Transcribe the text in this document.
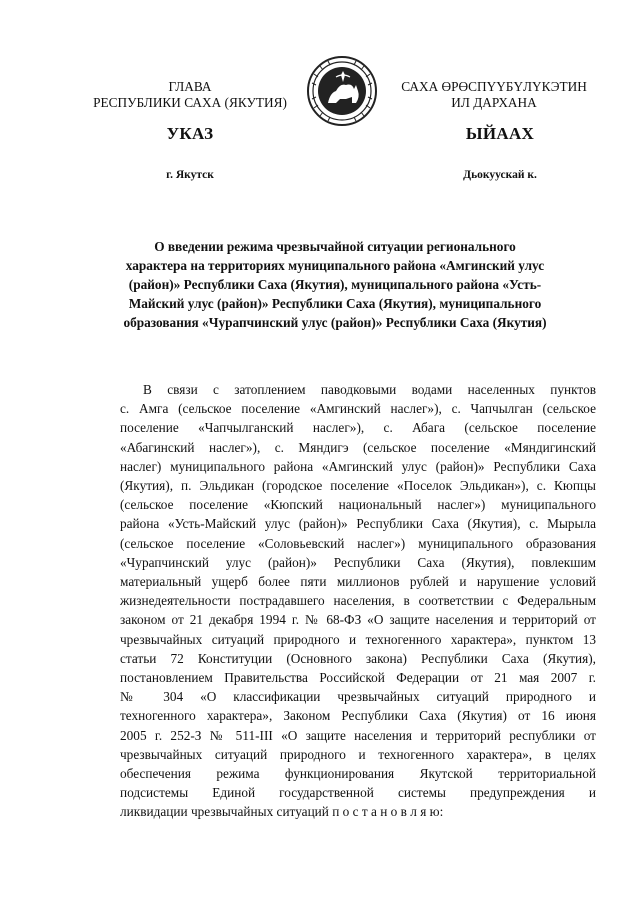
ГЛАВА
РЕСПУБЛИКИ САХА (ЯКУТИЯ)
САХА ӨРӨСПҮҮБҮЛҮКЭТИН
ИЛ ДАРХАНА
УКАЗ	ЫЙААХ
г. Якутск	Дьокуускай к.
О введении режима чрезвычайной ситуации регионального
характера на территориях муниципального района «Амгинский улус
(район)» Республики Саха (Якутия), муниципального района «Усть-
Майский улус (район)» Республики Саха (Якутия), муниципального
образования «Чурапчинский улус (район)» Республики Саха (Якутия)
В связи с затоплением паводковыми водами населенных пунктов
с. Амга (сельское поселение «Амгинский наслег»), с. Чапчылган (сельское
поселение «Чапчылганский наслег»), с. Абага (сельское поселение
«Абагинский наслег»), с. Мяндигэ (сельское поселение «Мяндигинский
наслег) муниципального района «Амгинский улус (район)» Республики Саха
(Якутия), п. Эльдикан (городское поселение «Поселок Эльдикан»), с. Кюпцы
(сельское поселение «Кюпский национальный наслег») муниципального
района «Усть-Майский улус (район)» Республики Саха (Якутия), с. Мырыла
(сельское поселение «Соловьевский наслег») муниципального образования
«Чурапчинский улус (район)» Республики Саха (Якутия), повлекшим
материальный ущерб более пяти миллионов рублей и нарушение условий
жизнедеятельности пострадавшего населения, в соответствии с Федеральным
законом от 21 декабря 1994 г. № 68-ФЗ «О защите населения и территорий от
чрезвычайных ситуаций природного и техногенного характера», пунктом 13
статьи 72 Конституции (Основного закона) Республики Саха (Якутия),
постановлением Правительства Российской Федерации от 21 мая 2007 г.
№ 304 «О классификации чрезвычайных ситуаций природного и
техногенного характера», Законом Республики Саха (Якутия) от 16 июня
2005 г. 252-З № 511-III «О защите населения и территорий республики от
чрезвычайных ситуаций природного и техногенного характера», в целях
обеспечения режима функционирования Якутской территориальной
подсистемы Единой государственной системы предупреждения и
ликвидации чрезвычайных ситуаций п о с т а н о в л я ю:
